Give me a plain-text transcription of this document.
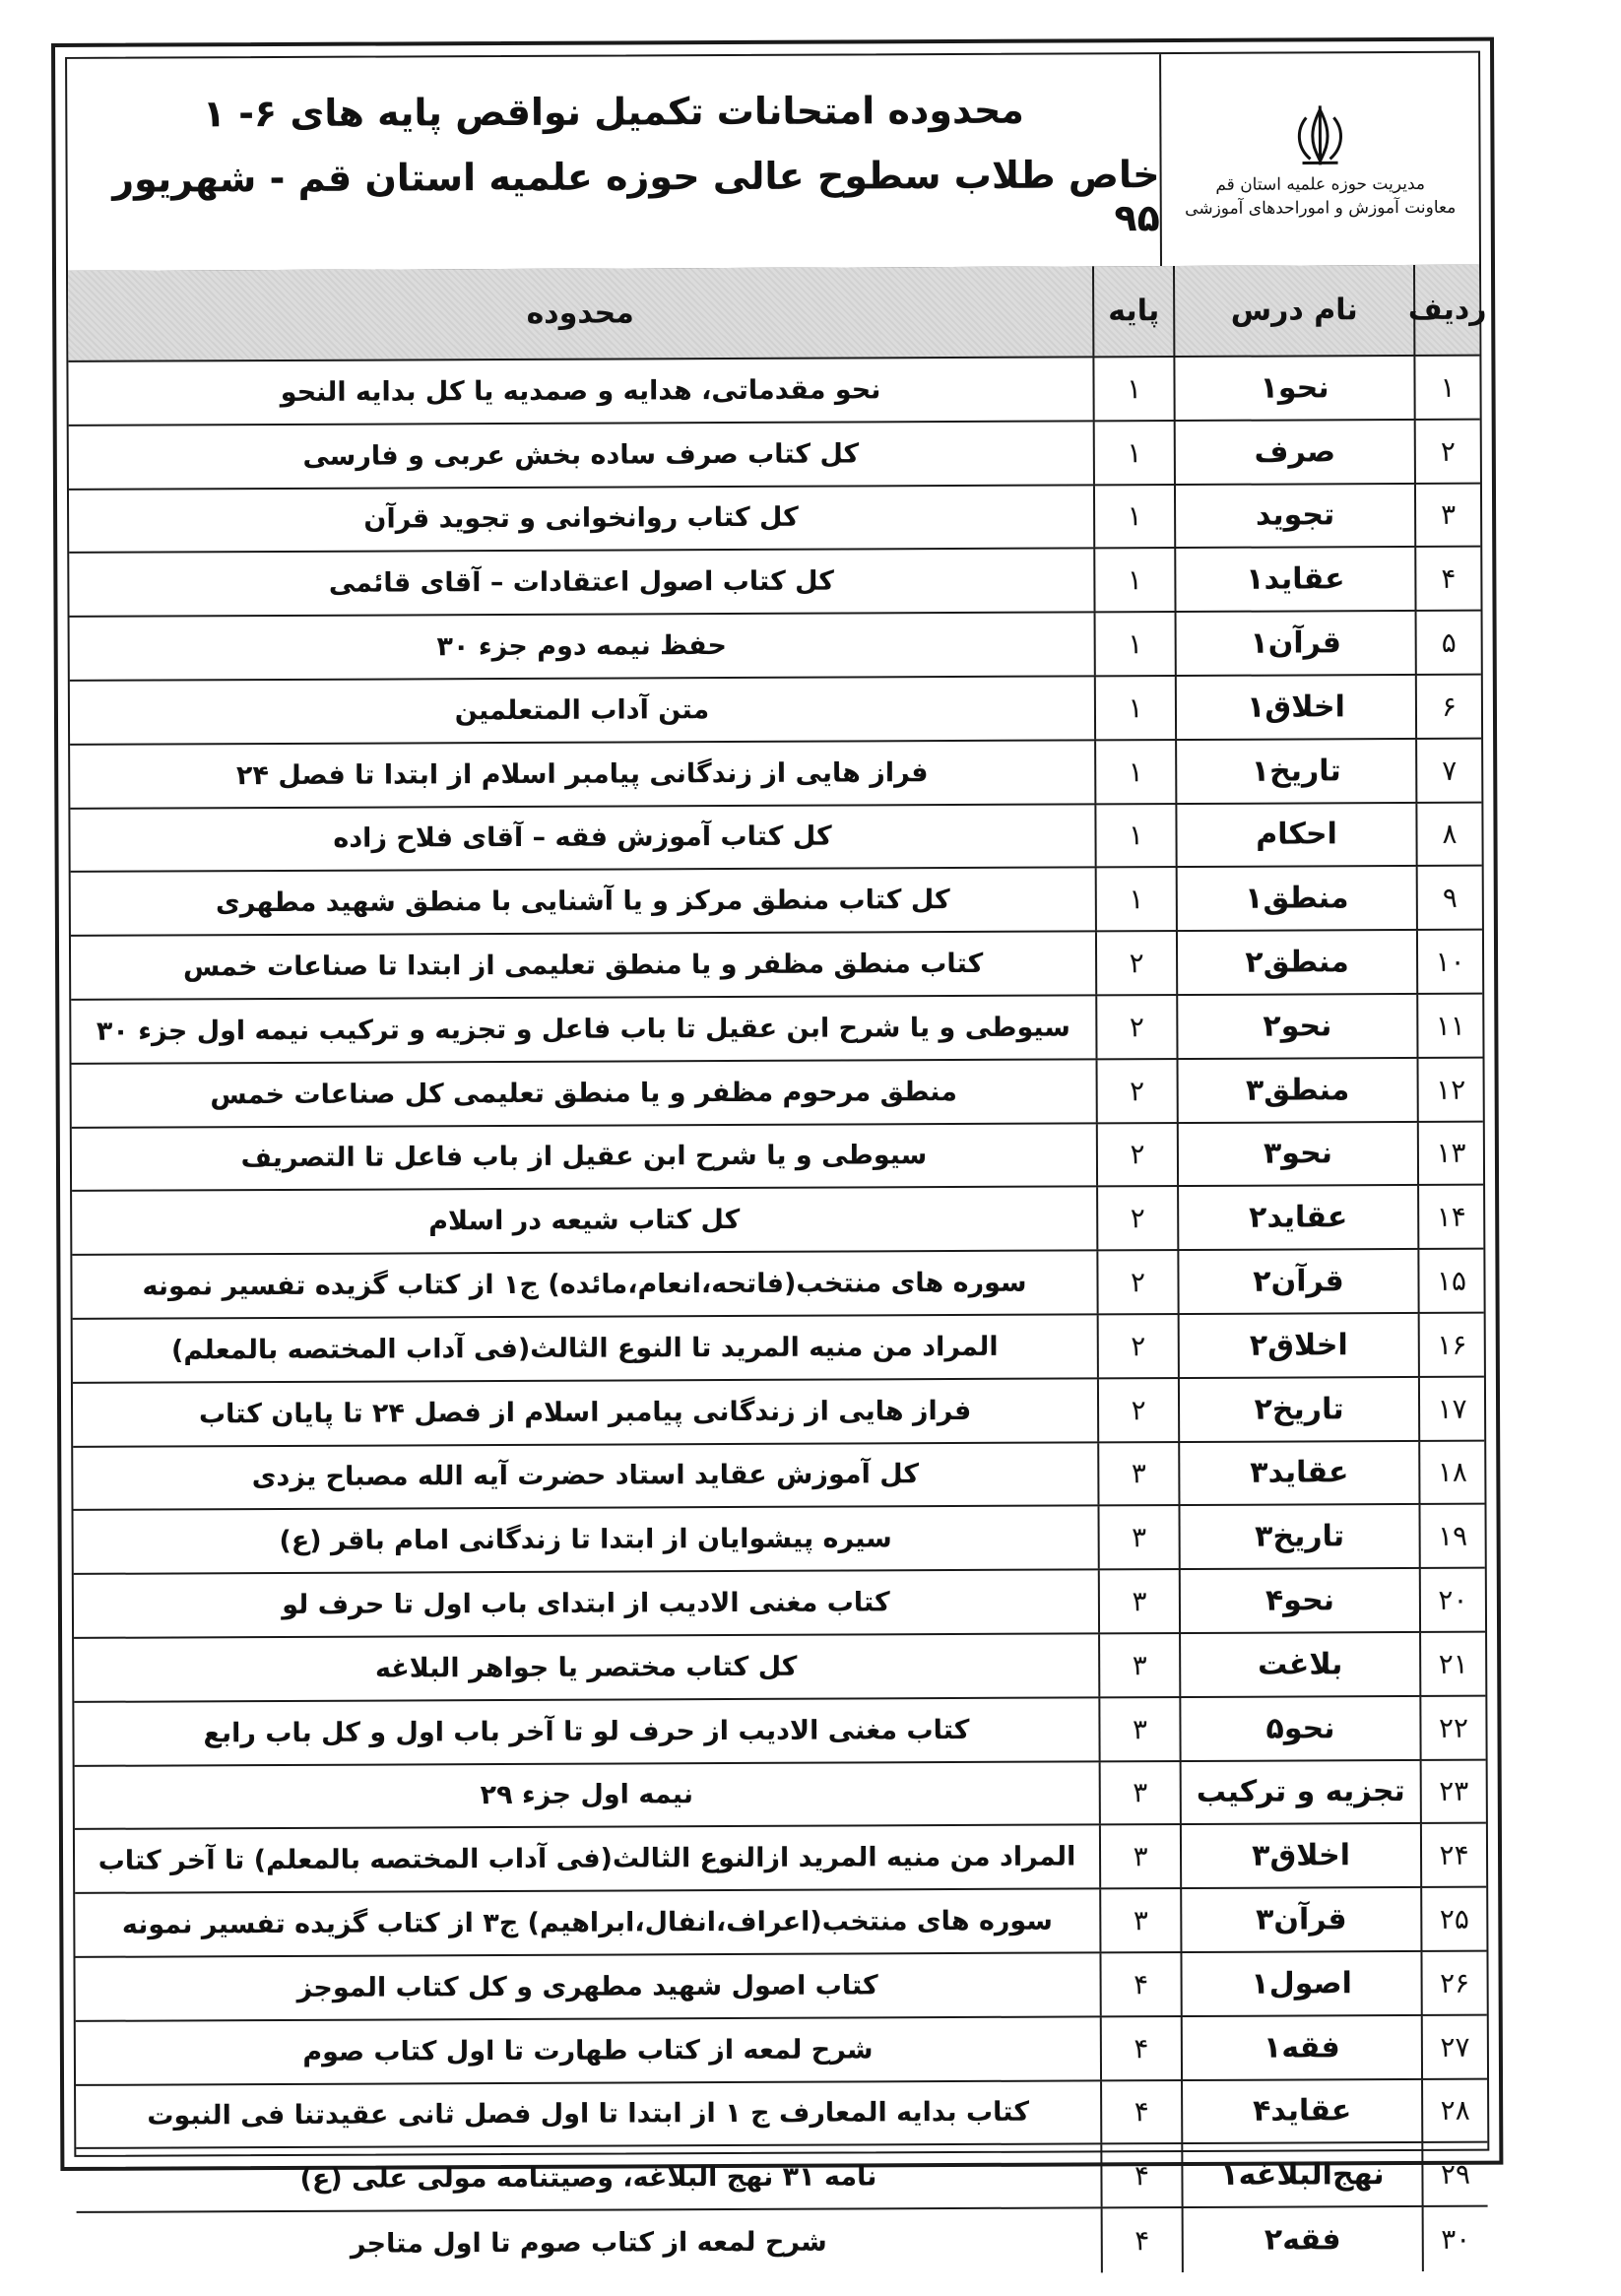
محدوده امتحانات تکمیل نواقص پایه های ۶- ۱
خاص طلاب سطوح عالی حوزه علمیه استان قم - شهریور ۹۵
مدیریت حوزه علمیه استان قم
معاونت آموزش و اموراحدهای آموزشی
ردیف
نام درس
پایه
محدوده
۱
نحو۱
۱
نحو مقدماتی، هدایه و صمدیه یا کل بدایه النحو
۲
صرف
۱
کل کتاب صرف ساده بخش عربی و فارسی
۳
تجوید
۱
کل کتاب روانخوانی و تجوید قرآن
۴
عقاید۱
۱
کل کتاب اصول اعتقادات – آقای قائمی
۵
قرآن۱
۱
حفظ نیمه دوم جزء ۳۰
۶
اخلاق۱
۱
متن آداب المتعلمین
۷
تاریخ۱
۱
فراز هایی از زندگانی پیامبر اسلام از ابتدا تا فصل ۲۴
۸
احکام
۱
کل کتاب آموزش فقه – آقای فلاح زاده
۹
منطق۱
۱
کل کتاب منطق مرکز و یا آشنایی با منطق شهید مطهری
۱۰
منطق۲
۲
کتاب منطق مظفر و یا منطق تعلیمی از ابتدا تا صناعات خمس
۱۱
نحو۲
۲
سیوطی و یا شرح ابن عقیل تا باب فاعل و تجزیه و ترکیب نیمه اول جزء ۳۰
۱۲
منطق۳
۲
منطق مرحوم مظفر و یا منطق تعلیمی کل صناعات خمس
۱۳
نحو۳
۲
سیوطی و یا شرح ابن عقیل از باب فاعل تا التصریف
۱۴
عقاید۲
۲
کل کتاب شیعه در اسلام
۱۵
قرآن۲
۲
سوره های منتخب(فاتحه،انعام،مائده) ج۱ از کتاب گزیده تفسیر نمونه
۱۶
اخلاق۲
۲
المراد من منیه المرید تا النوع الثالث(فی آداب المختصه بالمعلم)
۱۷
تاریخ۲
۲
فراز هایی از زندگانی پیامبر اسلام از فصل ۲۴ تا پایان کتاب
۱۸
عقاید۳
۳
کل آموزش عقاید استاد حضرت آیه الله مصباح یزدی
۱۹
تاریخ۳
۳
سیره پیشوایان از ابتدا تا زندگانی امام باقر (ع)
۲۰
نحو۴
۳
کتاب مغنی الادیب از ابتدای باب اول تا حرف لو
۲۱
بلاغت
۳
کل کتاب مختصر یا جواهر البلاغه
۲۲
نحو۵
۳
کتاب مغنی الادیب از حرف لو تا آخر باب اول و کل باب رابع
۲۳
تجزیه و ترکیب
۳
نیمه اول جزء ۲۹
۲۴
اخلاق۳
۳
المراد من منیه المرید ازالنوع الثالث(فی آداب المختصه بالمعلم) تا آخر کتاب
۲۵
قرآن۳
۳
سوره های منتخب(اعراف،انفال،ابراهیم) ج۳ از کتاب گزیده تفسیر نمونه
۲۶
اصول۱
۴
کتاب اصول شهید مطهری و کل کتاب الموجز
۲۷
فقه۱
۴
شرح لمعه از کتاب طهارت تا اول کتاب صوم
۲۸
عقاید۴
۴
کتاب بدایه المعارف ج ۱ از ابتدا تا اول فصل ثانی عقیدتنا فی النبوت
۲۹
نهج‌البلاغه۱
۴
نامه ۳۱ نهج البلاغه، وصیتنامه مولی علی (ع)
۳۰
فقه۲
۴
شرح لمعه از کتاب صوم تا اول متاجر
